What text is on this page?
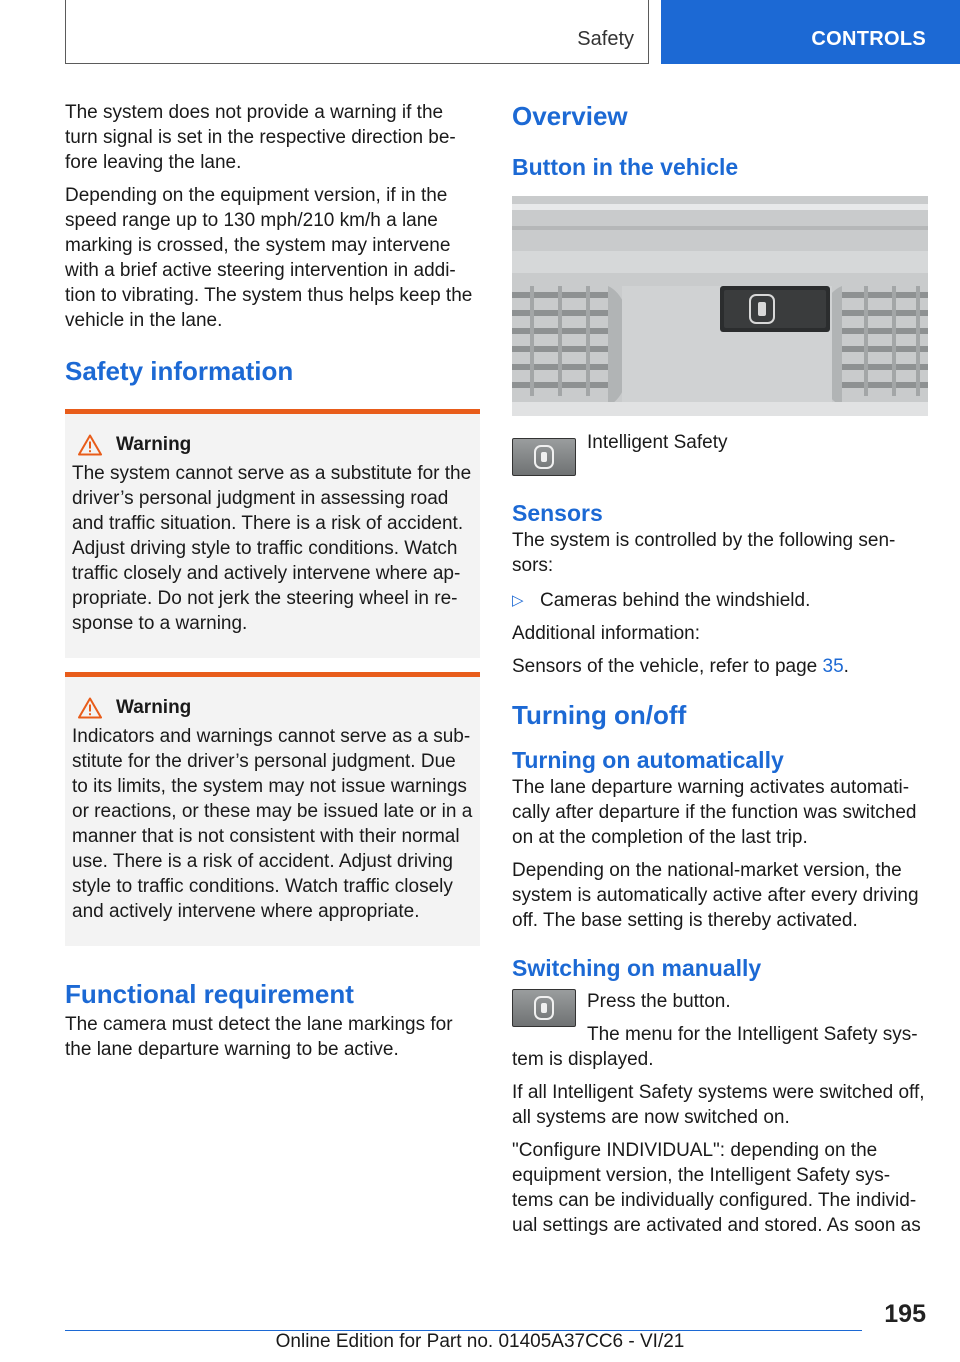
Safety	CONTROLS

The system does not provide a warning if the turn signal is set in the respective direction be‐fore leaving the lane.

Depending on the equipment version, if in the speed range up to 130 mph/210 km/h a lane marking is crossed, the system may intervene with a brief active steering intervention in addi‐tion to vibrating. The system thus helps keep the vehicle in the lane.

Safety information
Warning

The system cannot serve as a substitute for the driver’s personal judgment in assessing road and traffic situation. There is a risk of accident. Adjust driving style to traffic conditions. Watch traffic closely and actively intervene where ap‐propriate. Do not jerk the steering wheel in re‐sponse to a warning.

Warning

Indicators and warnings cannot serve as a sub‐stitute for the driver’s personal judgment. Due to its limits, the system may not issue warnings or reactions, or these may be issued late or in a manner that is not consistent with their normal use. There is a risk of accident. Adjust driving style to traffic conditions. Watch traffic closely and actively intervene where appropriate.

Functional requirement

The camera must detect the lane markings for the lane departure warning to be active.

Overview
Button in the vehicle

Intelligent Safety

Sensors

The system is controlled by the following sen‐sors:

▷ Cameras behind the windshield.

Additional information:

Sensors of the vehicle, refer to page 35.

Turning on/off
Turning on automatically

The lane departure warning activates automati‐cally after departure if the function was switched on at the completion of the last trip.

Depending on the national-market version, the system is automatically active after every driving off. The base setting is thereby activated.

Switching on manually

Press the button.

The menu for the Intelligent Safety sys‐

tem is displayed.

If all Intelligent Safety systems were switched off, all systems are now switched on.

"Configure INDIVIDUAL": depending on the equipment version, the Intelligent Safety sys‐tems can be individually configured. The individ‐ual settings are activated and stored. As soon as

195
Online Edition for Part no. 01405A37CC6 - VI/21
